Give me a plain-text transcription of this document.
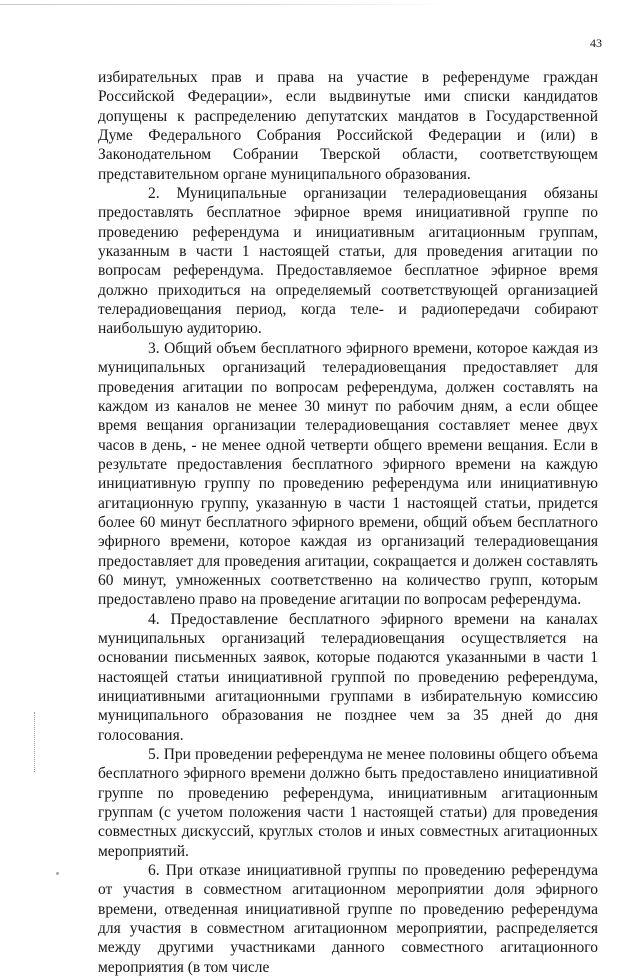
43

избирательных прав и права на участие в референдуме граждан Российской Федерации», если выдвинутые ими списки кандидатов допущены к распределению депутатских мандатов в Государственной Думе Федерального Собрания Российской Федерации и (или) в Законодательном Собрании Тверской области, соответствующем представительном органе муниципального образования.

2. Муниципальные организации телерадиовещания обязаны предоставлять бесплатное эфирное время инициативной группе по проведению референдума и инициативным агитационным группам, указанным в части 1 настоящей статьи, для проведения агитации по вопросам референдума. Предоставляемое бесплатное эфирное время должно приходиться на определяемый соответствующей организацией телерадиовещания период, когда теле- и радиопередачи собирают наибольшую аудиторию.

3. Общий объем бесплатного эфирного времени, которое каждая из муниципальных организаций телерадиовещания предоставляет для проведения агитации по вопросам референдума, должен составлять на каждом из каналов не менее 30 минут по рабочим дням, а если общее время вещания организации телерадиовещания составляет менее двух часов в день, - не менее одной четверти общего времени вещания. Если в результате предоставления бесплатного эфирного времени на каждую инициативную группу по проведению референдума или инициативную агитационную группу, указанную в части 1 настоящей статьи, придется более 60 минут бесплатного эфирного времени, общий объем бесплатного эфирного времени, которое каждая из организаций телерадиовещания предоставляет для проведения агитации, сокращается и должен составлять 60 минут, умноженных соответственно на количество групп, которым предоставлено право на проведение агитации по вопросам референдума.

4. Предоставление бесплатного эфирного времени на каналах муниципальных организаций телерадиовещания осуществляется на основании письменных заявок, которые подаются указанными в части 1 настоящей статьи инициативной группой по проведению референдума, инициативными агитационными группами в избирательную комиссию муниципального образования не позднее чем за 35 дней до дня голосования.

5. При проведении референдума не менее половины общего объема бесплатного эфирного времени должно быть предоставлено инициативной группе по проведению референдума, инициативным агитационным группам (с учетом положения части 1 настоящей статьи) для проведения совместных дискуссий, круглых столов и иных совместных агитационных мероприятий.

6. При отказе инициативной группы по проведению референдума от участия в совместном агитационном мероприятии доля эфирного времени, отведенная инициативной группе по проведению референдума для участия в совместном агитационном мероприятии, распределяется между другими участниками данного совместного агитационного мероприятия (в том числе
